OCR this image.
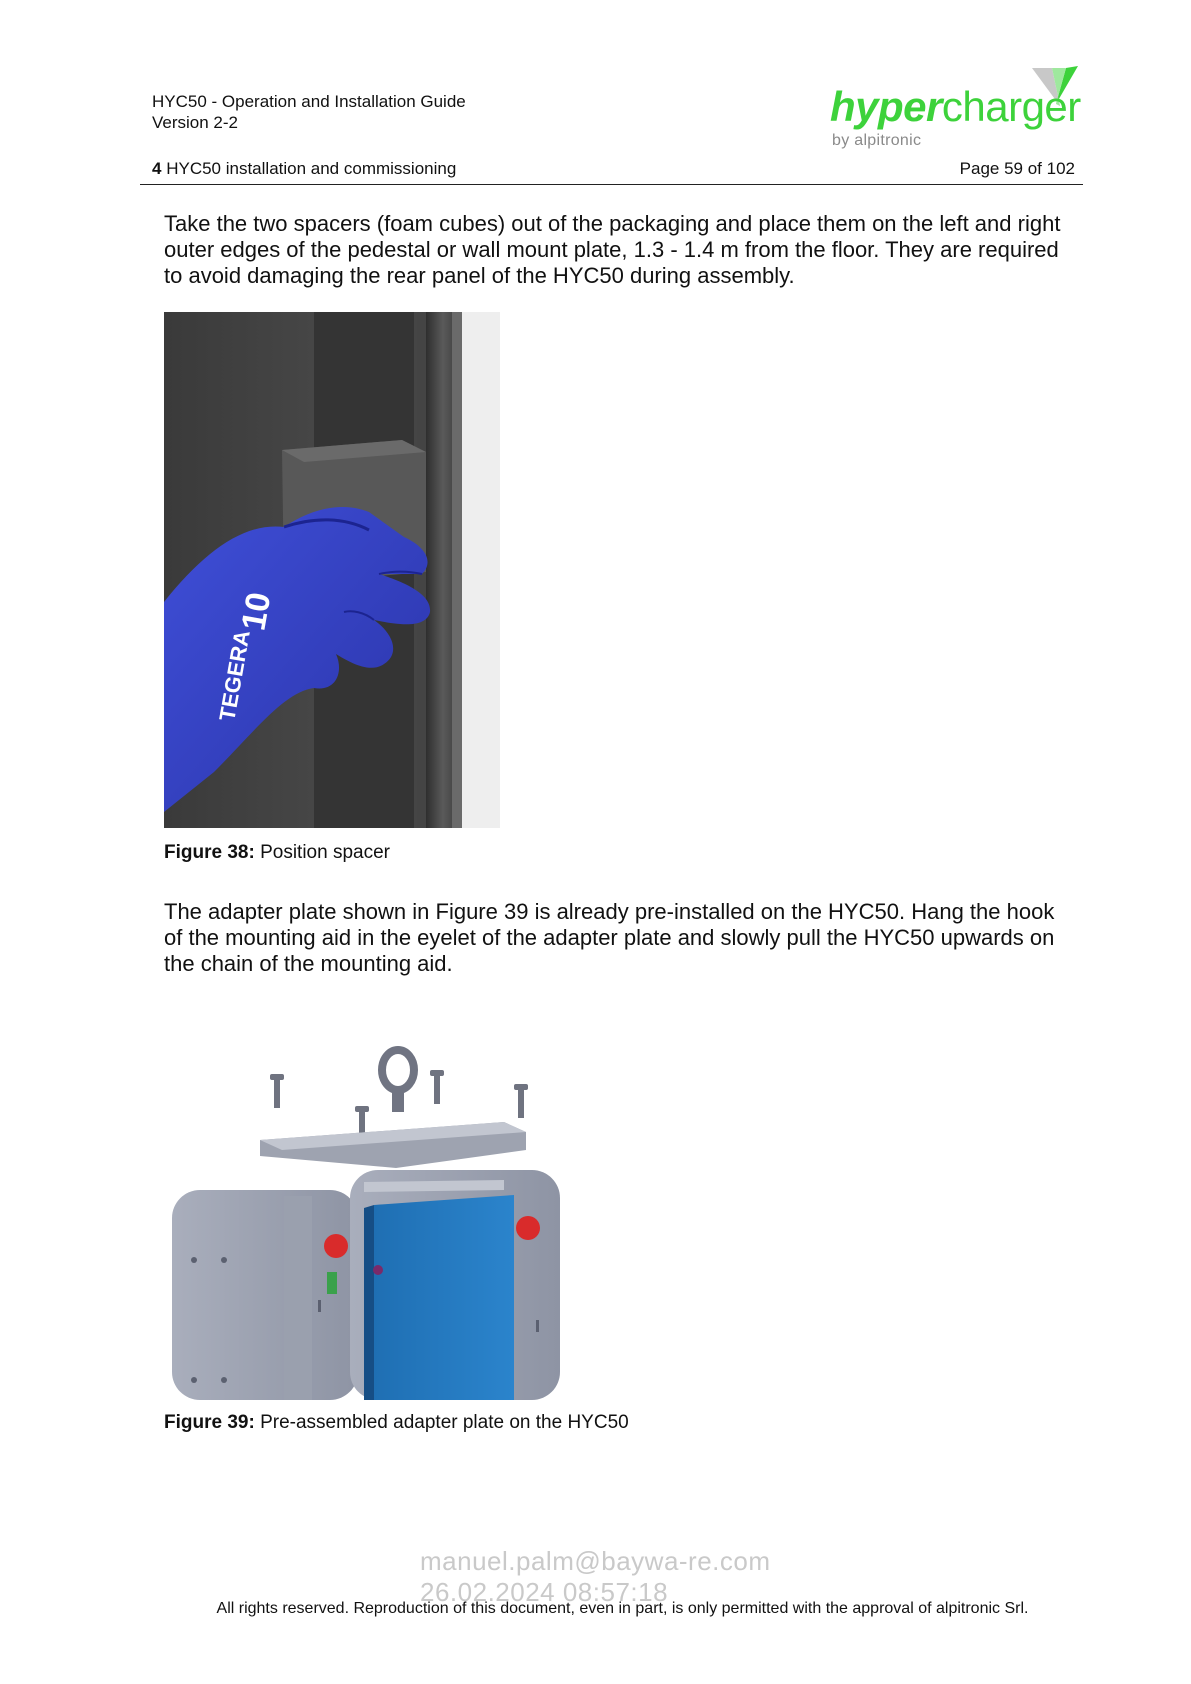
HYC50 - Operation and Installation Guide
Version 2-2
4 HYC50 installation and commissioning	Page 59 of 102
hypercharger
by alpitronic
Take the two spacers (foam cubes) out of the packaging and place them on the left and right outer edges of the pedestal or wall mount plate, 1.3 - 1.4 m from the floor. They are required to avoid damaging the rear panel of the HYC50 during assembly.
TEGERA
10
Figure 38: Position spacer
The adapter plate shown in Figure 39 is already pre-installed on the HYC50. Hang the hook of the mounting aid in the eyelet of the adapter plate and slowly pull the HYC50 upwards on the chain of the mounting aid.
Figure 39: Pre-assembled adapter plate on the HYC50
manuel.palm@baywa-re.com
26.02.2024 08:57:18
All rights reserved. Reproduction of this document, even in part, is only permitted with the approval of alpitronic Srl.
